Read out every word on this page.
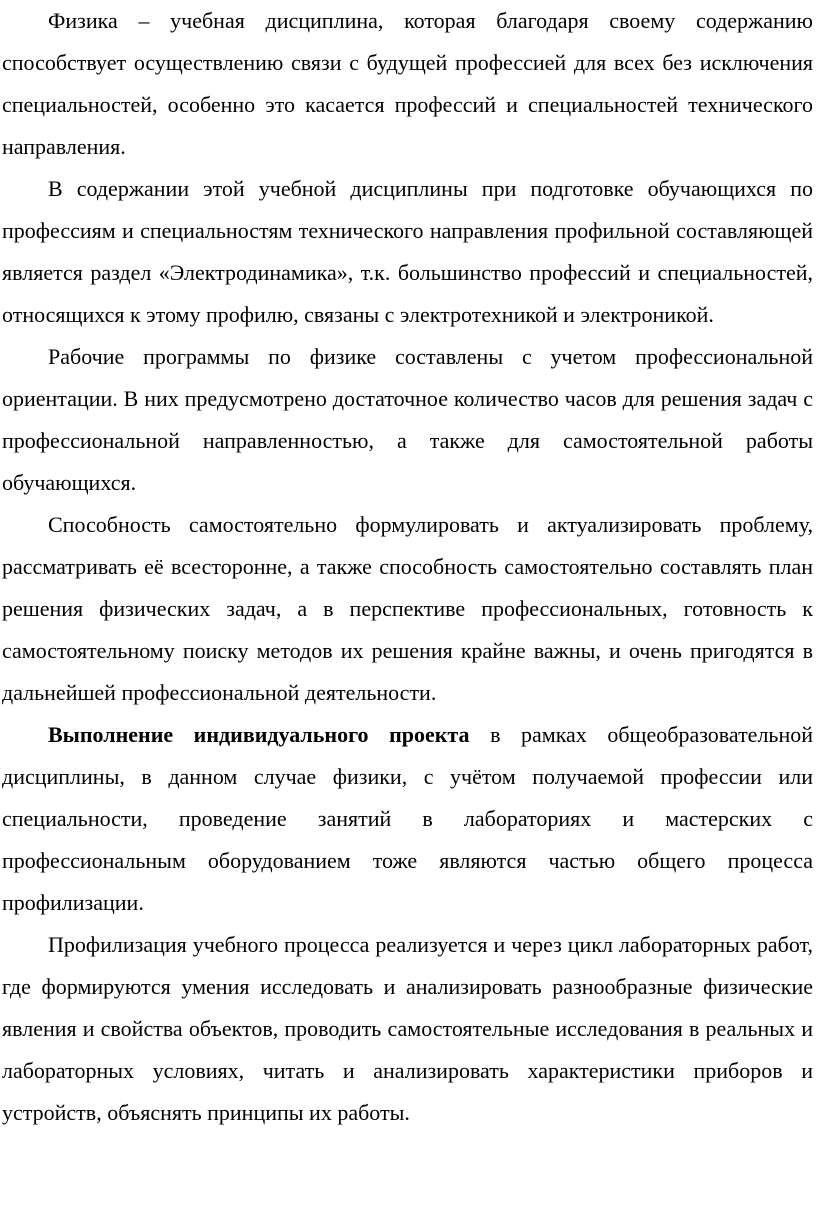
Физика – учебная дисциплина, которая благодаря своему содержанию способствует осуществлению связи с будущей профессией для всех без исключения специальностей, особенно это касается профессий и специальностей технического направления.

В содержании этой учебной дисциплины при подготовке обучающихся по профессиям и специальностям технического направления профильной составляющей является раздел «Электродинамика», т.к. большинство профессий и специальностей, относящихся к этому профилю, связаны с электротехникой и электроникой.

Рабочие программы по физике составлены с учетом профессиональной ориентации. В них предусмотрено достаточное количество часов для решения задач с профессиональной направленностью, а также для самостоятельной работы обучающихся.

Способность самостоятельно формулировать и актуализировать проблему, рассматривать её всесторонне, а также способность самостоятельно составлять план решения физических задач, а в перспективе профессиональных, готовность к самостоятельному поиску методов их решения крайне важны, и очень пригодятся в дальнейшей профессиональной деятельности.

Выполнение индивидуального проекта в рамках общеобразовательной дисциплины, в данном случае физики, с учётом получаемой профессии или специальности, проведение занятий в лабораториях и мастерских с профессиональным оборудованием тоже являются частью общего процесса профилизации.

Профилизация учебного процесса реализуется и через цикл лабораторных работ, где формируются умения исследовать и анализировать разнообразные физические явления и свойства объектов, проводить самостоятельные исследования в реальных и лабораторных условиях, читать и анализировать характеристики приборов и устройств, объяснять принципы их работы.
